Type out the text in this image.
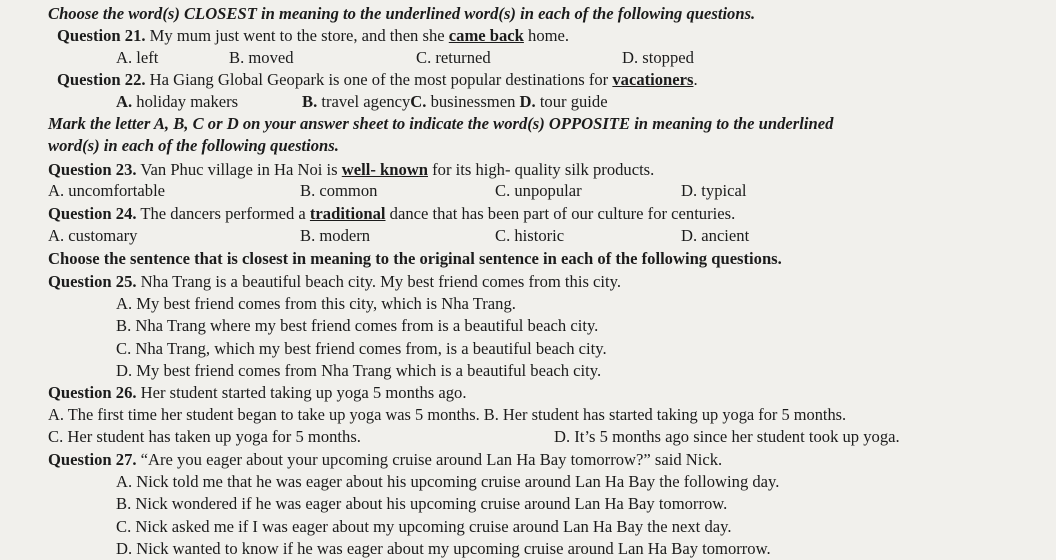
Choose the word(s) CLOSEST in meaning to the underlined word(s) in each of the following questions.
Question 21. My mum just went to the store, and then she came back home.
A. left	B. moved	C. returned	D. stopped
Question 22. Ha Giang Global Geopark is one of the most popular destinations for vacationers.
A. holiday makers	B. travel agencyC. businessmen D. tour guide
Mark the letter A, B, C or D on your answer sheet to indicate the word(s) OPPOSITE in meaning to the underlined
word(s) in each of the following questions.
Question 23. Van Phuc village in Ha Noi is well- known for its high- quality silk products.
A. uncomfortable	B. common	C. unpopular	D. typical
Question 24. The dancers performed a traditional dance that has been part of our culture for centuries.
A. customary	B. modern	C. historic	D. ancient
Choose the sentence that is closest in meaning to the original sentence in each of the following questions.
Question 25. Nha Trang is a beautiful beach city. My best friend comes from this city.
A. My best friend comes from this city, which is Nha Trang.
B. Nha Trang where my best friend comes from is a beautiful beach city.
C. Nha Trang, which my best friend comes from, is a beautiful beach city.
D. My best friend comes from Nha Trang which is a beautiful beach city.
Question 26. Her student started taking up yoga 5 months ago.
A. The first time her student began to take up yoga was 5 months. B. Her student has started taking up yoga for 5 months.
C. Her student has taken up yoga for 5 months.	D. It’s 5 months ago since her student took up yoga.
Question 27. “Are you eager about your upcoming cruise around Lan Ha Bay tomorrow?” said Nick.
A. Nick told me that he was eager about his upcoming cruise around Lan Ha Bay the following day.
B. Nick wondered if he was eager about his upcoming cruise around Lan Ha Bay tomorrow.
C. Nick asked me if I was eager about my upcoming cruise around Lan Ha Bay the next day.
D. Nick wanted to know if he was eager about my upcoming cruise around Lan Ha Bay tomorrow.
